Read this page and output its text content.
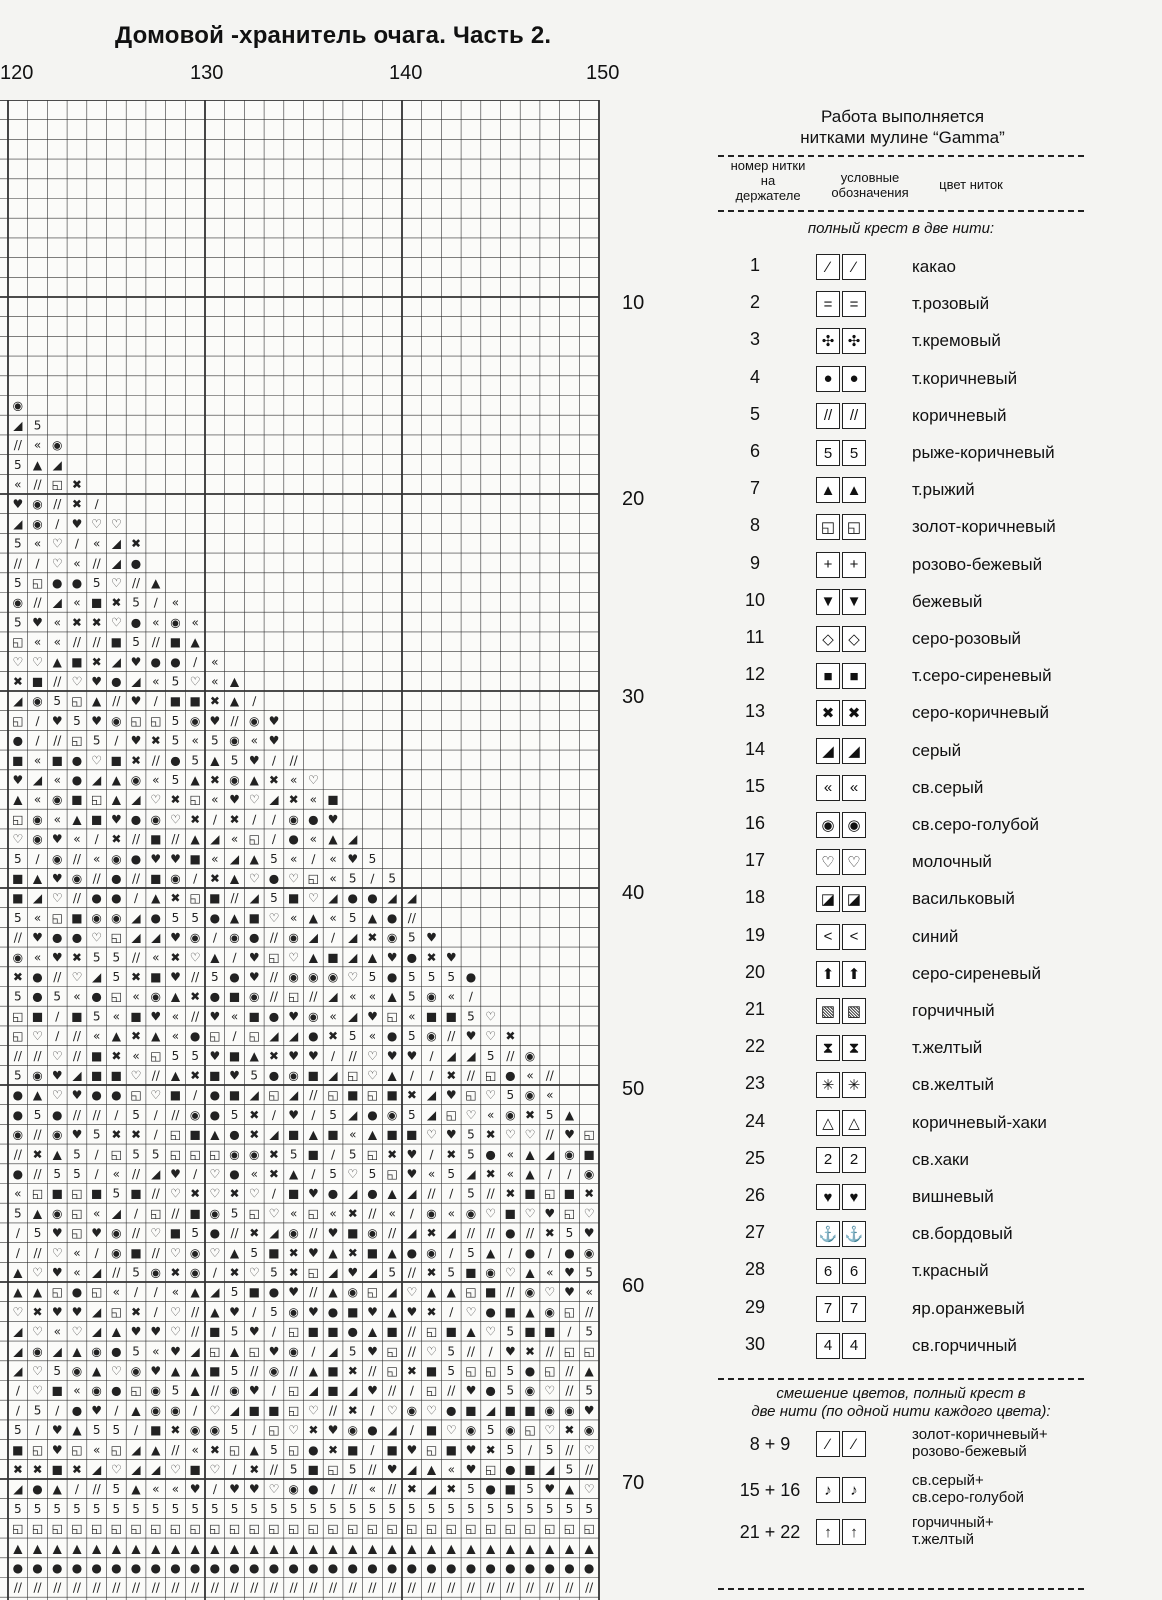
Домовой -хранитель очага. Часть 2.
120	130	140	150
10
20
30
40
50
60
70
◉
◢ 5
// « ◉
5 ▲ ◢
« // ◱ ✖
♥ ◉ // ✖ ∕
◢ ◉ ∕ ♥ ♡ ♡
5 « ♡ ∕ « ◢ ✖
// ∕ ♡ « // ◢ ●
5 ◱ ● ● 5 ♡ // ▲
◉ // ◢ « ■ ✖ 5 ∕ «
5 ♥ « ✖ ✖ ♡ ● « ◉ «
◱ « « // // ■ 5 // ■ ▲
♡ ♡ ▲ ■ ✖ ◢ ♥ ● ● ∕ «
✖ ■ // ♡ ♥ ● ◢ « 5 ♡ « ▲
◢ ◉ 5 ◱ ▲ // ♥ ∕ ■ ■ ✖ ▲ ∕
◱ ∕ ♥ 5 ♥ ◉ ◱ ◱ 5 ◉ ♥ // ◉ ♥
● ∕ // ◱ 5 ∕ ♥ ✖ 5 « 5 ◉ « ♥
■ « ■ ● ♡ ■ ✖ // ● 5 ▲ 5 ♥ ∕ //
♥ ◢ « ● ◢ ▲ ◉ « 5 ▲ ✖ ◉ ▲ ✖ « ♡
▲ « ◉ ■ ◱ ▲ ◢ ♡ ✖ ◱ « ♥ ♡ ◢ ✖ « ■
◱ ◉ « ▲ ■ ♥ ● ◉ ♡ ✖ ∕ ✖ ∕ ∕ ◉ ● ♥
♡ ◉ ♥ « ∕ ✖ // ■ // ▲ ◢ « ◱ ∕ ● « ▲ ◢
5 ∕ ◉ // « ◉ ● ♥ ♥ ■ « ◢ ▲ 5 « ∕ « ♥ 5
■ ▲ ♥ ◉ // ● // ■ ◉ ∕ ✖ ▲ ♡ ● ♡ ◱ « 5 ∕ 5
■ ◢ ♡ // ● ● ∕ ▲ ✖ ◱ ■ // ◢ 5 ■ ♡ ◢ ● ● ◢ ◢
5 « ◱ ■ ◉ ◉ ◢ ● 5 5 ● ▲ ■ ♡ « ▲ « 5 ▲ ● //
// ♥ ● ● ♡ ◱ ◢ ◢ ♥ ◉ ∕ ◉ ● // ◉ ◢ ∕ ◢ ✖ ◉ 5 ♥
◉ « ♥ ✖ 5 5 // « ✖ ♡ ▲ ∕ ♥ ◱ ♡ ▲ ■ ◢ ▲ ♥ ● ✖ ♥
✖ ● // ♡ ◢ 5 ✖ ■ ♥ // 5 ● ♥ // ◉ ◉ ◉ ♡ 5 ● 5 5 5 ●
5 ● 5 « ● ◱ « ◉ ▲ ✖ ● ■ ◉ // ◱ // ◢ « « ▲ 5 ◉ « ∕
◱ ■ ∕ ■ 5 « ■ ♥ « // ♥ « ■ ● ♥ ◉ « ◢ ♥ ◱ « ■ ■ 5 ♡
◱ ♡ ∕ // « ▲ ✖ ▲ « ● ◱ ∕ ◱ ◢ ◢ ● ✖ 5 « ● 5 ◉ // ♥ ♡ ✖
// // ♡ // ■ ✖ « ◱ 5 5 ♥ ■ ▲ ✖ ♥ ♥ ∕ // ♡ ♥ ♥ ∕ ◢ ◢ 5 // ◉
5 ◉ ♥ ◢ ■ ■ ♡ // ▲ ✖ ■ ♥ 5 ● ◉ ■ ◢ ◱ ♡ ▲ ∕ ∕ ✖ // ◱ ● « //
● ▲ ♡ ♥ ● ● ◱ ♡ ■ ∕ ● ■ ◢ ◱ ◢ // ◱ ■ ◱ ■ ✖ ◢ ♥ ◱ ♡ 5 ◉ «
● 5 ● // // ∕ 5 ∕ // ◉ ● 5 ✖ ∕ ♥ ∕ 5 ◢ ● ◉ 5 ◢ ◱ ♡ « ◉ ✖ 5 ▲
◉ // ◉ ♥ 5 ✖ ✖ ∕ ◱ ■ ▲ ● ✖ ◢ ■ ▲ ■ « ▲ ■ ■ ♡ ♥ 5 ✖ ♡ ♡ // ♥ ◱
// ✖ ▲ 5 ∕ ◱ 5 5 ◱ ◱ ◱ ◉ ◉ ✖ 5 ■ ∕ 5 ◱ ✖ ♥ ∕ ✖ 5 ● « ▲ ◢ ◉ ■
● // 5 5 ∕ « // ◢ ♥ ∕ ♡ ● « ✖ ▲ ∕ 5 ♡ 5 ◱ ♥ « 5 ◢ ✖ « ▲ ∕ ∕ ◉
« ◱ ■ ◱ ■ 5 ■ // ♡ ✖ ♡ ✖ ♡ ∕ ■ ♥ ● ◢ ● ▲ ◢ // ∕ 5 // ✖ ■ ◱ ■ ✖
5 ▲ ◉ ◱ « ◢ ∕ ◱ // ■ ◉ 5 ◱ ♡ « ◱ « ✖ // « ∕ ◉ « ◉ ♡ ■ ♡ ♥ ◱ ♡
∕ 5 ♥ ◱ ♥ ◉ // ♡ ■ 5 ● // ✖ ◢ ◉ // ♥ ■ ◉ // ◢ ✖ ◢ // // ● // ✖ 5 ♥
∕ // ♡ « ∕ ◉ ■ // ♡ ◉ ♡ ▲ 5 ■ ✖ ♥ ▲ ✖ ■ ▲ ● ◉ ∕ 5 ▲ ∕ ● ∕ ● ◉
▲ ♡ ♥ « ◢ // 5 ◉ ✖ ◉ ∕ ✖ ♡ 5 ✖ ◱ ◢ ♥ ◢ 5 // ✖ 5 ■ ◉ ♡ ▲ « ♥ 5
▲ ▲ ◱ ● ◱ « ∕ ∕ « ▲ ◢ 5 ■ ● ♥ // ▲ ◉ ◱ ◢ ♡ ▲ ▲ ◱ ■ // ◉ ♡ ♥ «
♡ ✖ ♥ ♥ ◢ ◱ ✖ ∕ ♡ // ▲ ♥ ∕ 5 ◉ ♥ ● ■ ♥ ▲ ♥ ✖ ∕ ♡ ● ■ ▲ ◉ ◱ //
◢ ♡ « ♡ ◢ ▲ ♥ ♥ ♡ // ■ 5 ♥ ∕ ◱ ■ ■ ● ▲ ■ // ◱ ■ ▲ ♡ 5 ■ ■ ∕ 5
◢ ◉ ◢ ▲ ◉ ● 5 « ♥ ◢ ◱ ▲ ◱ ♥ ◉ ∕ ◢ 5 ♥ ◱ // ♡ 5 // ∕ ♥ ✖ // ◱ ◱
◢ ♡ 5 ◉ ▲ ♡ ◉ ♥ ▲ ▲ ■ 5 // ◉ // ▲ ■ ✖ // ◱ ✖ ■ 5 ◱ ◱ 5 ● ◱ // ▲
∕ ♡ ■ « ◉ ● ◱ ◉ 5 ▲ // ◉ ♥ ∕ ◱ ◢ ■ ◢ ♥ // ∕ ◱ // ♥ ● 5 ◉ ♡ // 5
∕ 5 ∕ ● ♥ ∕ ▲ ◉ ◉ ∕ ♡ ◢ ■ ■ ◱ ♡ // ✖ ∕ ♡ ◉ ♡ ● ■ ◢ ■ ■ ◉ ◉ ♥
5 ∕ ♥ ▲ 5 5 ∕ ■ ✖ ◉ ◉ 5 ∕ ◱ ♡ ✖ ♥ ◉ ● ◢ ∕ ■ ♡ ◉ 5 ◉ ◱ ♡ ✖ ◉
■ ◱ ♥ ◱ « ◱ ◢ ▲ // « ✖ ◱ ▲ 5 ◱ ● ✖ ■ ∕ ■ ♥ ◱ ■ ♥ ✖ 5 ∕ 5 // ♡
✖ ✖ ■ ✖ ◢ ♡ ◢ ◢ ♡ ■ ♡ ∕ ✖ // 5 ■ ◱ 5 // ♥ ◢ ▲ « ♥ ◱ ● ■ ◢ 5 //
◢ ● ▲ ∕ // 5 ▲ « « ♥ ∕ ♥ ♥ ♡ ◉ ● ∕ // « // ✖ ◢ ✖ 5 ● ■ 5 ♥ ▲ ♡
5 5 5 5 5 5 5 5 5 5 5 5 5 5 5 5 5 5 5 5 5 5 5 5 5 5 5 5 5 5
◱ ◱ ◱ ◱ ◱ ◱ ◱ ◱ ◱ ◱ ◱ ◱ ◱ ◱ ◱ ◱ ◱ ◱ ◱ ◱ ◱ ◱ ◱ ◱ ◱ ◱ ◱ ◱ ◱ ◱
▲ ▲ ▲ ▲ ▲ ▲ ▲ ▲ ▲ ▲ ▲ ▲ ▲ ▲ ▲ ▲ ▲ ▲ ▲ ▲ ▲ ▲ ▲ ▲ ▲ ▲ ▲ ▲ ▲ ▲
● ● ● ● ● ● ● ● ● ● ● ● ● ● ● ● ● ● ● ● ● ● ● ● ● ● ● ● ● ●
// // // // // // // // // // // // // // // // // // // // // // // // // // // // // //
Работа выполняется
нитками мулине “Gamma”
номер нитки на держателе
условные обозначения
цвет ниток
полный крест в две нити:
1	∕	∕	какао
2	=	=	т.розовый
3	✣ ✣	т.кремовый
4	●	●	т.коричневый
5	//	//	коричневый
6	5	5	рыже-коричневый
7	▲ ▲	т.рыжий
8	◱ ◱	золот-коричневый
9	+	+	розово-бежевый
10	▼ ▼	бежевый
11	◇ ◇	серо-розовый
12	■	■	т.серо-сиреневый
13	✖ ✖	серо-коричневый
14	◢ ◢	серый
15	«	«	св.серый
16	◉ ◉	св.серо-голубой
17	♡ ♡	молочный
18	◪ ◪	васильковый
19	<	<	синий
20	⬆ ⬆	серо-сиреневый
21	▧ ▧	горчичный
22	⧗	⧗	т.желтый
23	✳ ✳	св.желтый
24	△ △	коричневый-хаки
25	2	2	св.хаки
26	♥	♥	вишневый
27	⚓ ⚓	св.бордовый
28	6	6	т.красный
29	7	7	яр.оранжевый
30	4	4	св.горчичный
смешение цветов, полный крест в
две нити (по одной нити каждого цвета):
8 + 9	∕	∕
золот-коричневый+
розово-бежевый
15 + 16	♪	♪
св.серый+
св.серо-голубой
21 + 22	↑	↑
горчичный+
т.желтый
